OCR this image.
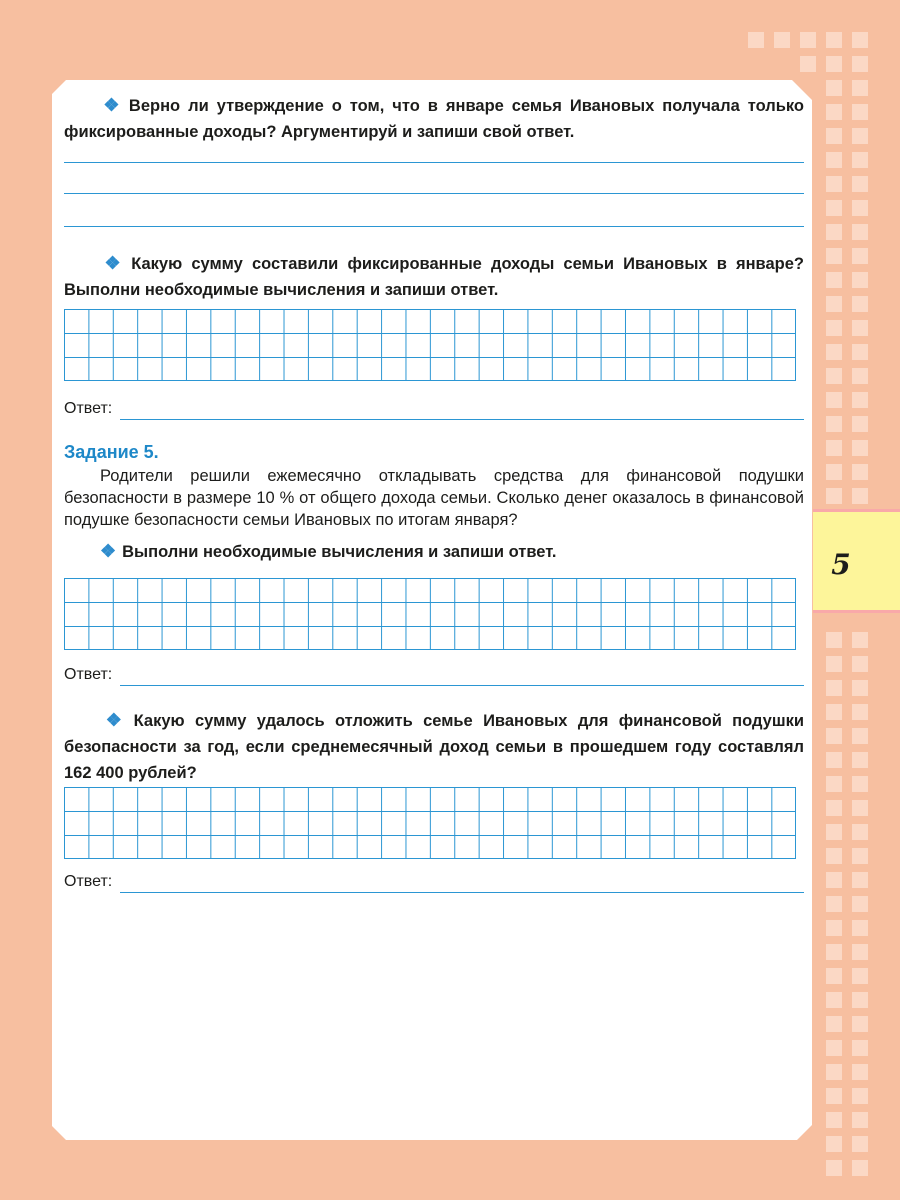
5
❖ Верно ли утверждение о том, что в январе семья Ивановых получала только фиксированные доходы? Аргументируй и запиши свой ответ.
❖ Какую сумму составили фиксированные доходы семьи Ивановых в январе? Выполни необходимые вычисления и запиши ответ.
Ответ:
Задание 5.
Родители решили ежемесячно откладывать средства для финансовой подушки безопасности в размере 10 % от общего дохода семьи. Сколько денег оказалось в финансовой подушке безопасности семьи Ивановых по итогам января?
❖ Выполни необходимые вычисления и запиши ответ.
Ответ:
❖ Какую сумму удалось отложить семье Ивановых для финансовой подушки безопасности за год, если среднемесячный доход семьи в прошедшем году составлял 162 400 рублей?
Ответ:
